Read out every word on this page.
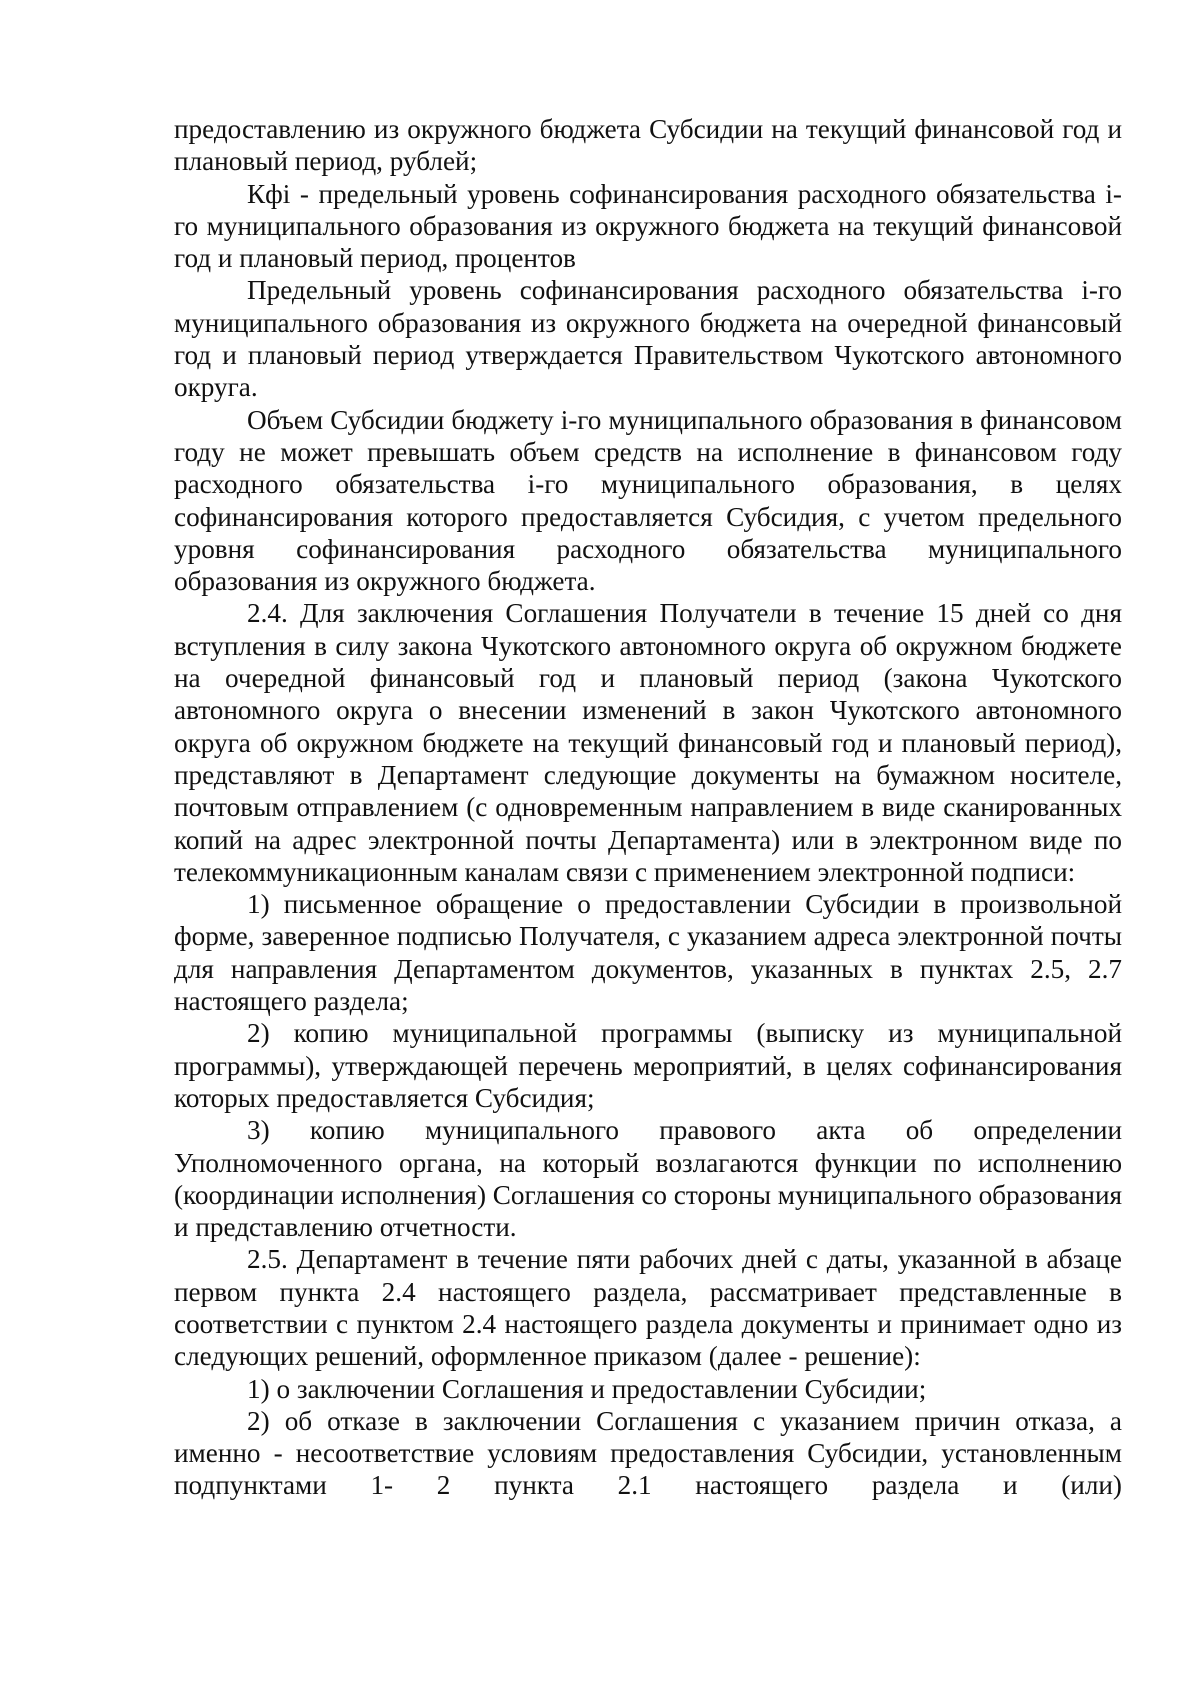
предоставлению из окружного бюджета Субсидии на текущий финансовой год и плановый период, рублей;

Кфi - предельный уровень софинансирования расходного обязательства i-го муниципального образования из окружного бюджета на текущий финансовой год и плановый период, процентов

Предельный уровень софинансирования расходного обязательства i-го муниципального образования из окружного бюджета на очередной финансовый год и плановый период утверждается Правительством Чукотского автономного округа.

Объем Субсидии бюджету i-го муниципального образования в финансовом году не может превышать объем средств на исполнение в финансовом году расходного обязательства i-го муниципального образования, в целях софинансирования которого предоставляется Субсидия, с учетом предельного уровня софинансирования расходного обязательства муниципального образования из окружного бюджета.

2.4. Для заключения Соглашения Получатели в течение 15 дней со дня вступления в силу закона Чукотского автономного округа об окружном бюджете на очередной финансовый год и плановый период (закона Чукотского автономного округа о внесении изменений в закон Чукотского автономного округа об окружном бюджете на текущий финансовый год и плановый период), представляют в Департамент следующие документы на бумажном носителе, почтовым отправлением (с одновременным направлением в виде сканированных копий на адрес электронной почты Департамента) или в электронном виде по телекоммуникационным каналам связи с применением электронной подписи:

1) письменное обращение о предоставлении Субсидии в произвольной форме, заверенное подписью Получателя, с указанием адреса электронной почты для направления Департаментом документов, указанных в пунктах 2.5, 2.7 настоящего раздела;

2) копию муниципальной программы (выписку из муниципальной программы), утверждающей перечень мероприятий, в целях софинансирования которых предоставляется Субсидия;

3) копию муниципального правового акта об определении Уполномоченного органа, на который возлагаются функции по исполнению (координации исполнения) Соглашения со стороны муниципального образования и представлению отчетности.

2.5. Департамент в течение пяти рабочих дней с даты, указанной в абзаце первом пункта 2.4 настоящего раздела, рассматривает представленные в соответствии с пунктом 2.4 настоящего раздела документы и принимает одно из следующих решений, оформленное приказом (далее - решение):

1) о заключении Соглашения и предоставлении Субсидии;

2) об отказе в заключении Соглашения с указанием причин отказа, а именно - несоответствие условиям предоставления Субсидии, установленным подпунктами 1- 2 пункта 2.1 настоящего раздела и (или)
